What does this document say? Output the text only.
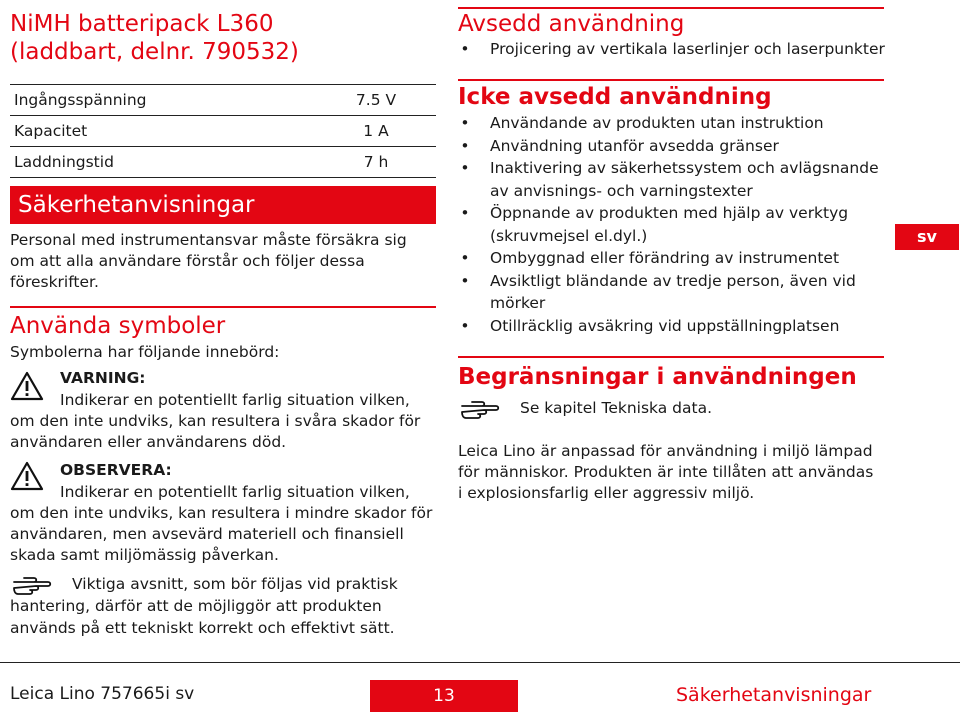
NiMH batteripack L360
(laddbart, delnr. 790532)
Ingångsspänning	7.5 V
Kapacitet	1 A
Laddningstid	7 h
Säkerhetanvisningar
Personal med instrumentansvar måste försäkra sig
om att alla användare förstår och följer dessa
föreskrifter.
Använda symboler
Symbolerna har följande innebörd:
VARNING:
Indikerar en potentiellt farlig situation vilken,
om den inte undviks, kan resultera i svåra skador för
användaren eller användarens död.
OBSERVERA:
Indikerar en potentiellt farlig situation vilken,
om den inte undviks, kan resultera i mindre skador för
användaren, men avsevärd materiell och finansiell
skada samt miljömässig påverkan.
Viktiga avsnitt, som bör följas vid praktisk
hantering, därför att de möjliggör att produkten
används på ett tekniskt korrekt och effektivt sätt.
Avsedd användning
• Projicering av vertikala laserlinjer och laserpunkter
Icke avsedd användning
• Användande av produkten utan instruktion
• Användning utanför avsedda gränser
• Inaktivering av säkerhetssystem och avlägsnande
av anvisnings- och varningstexter
• Öppnande av produkten med hjälp av verktyg
(skruvmejsel el.dyl.)
• Ombyggnad eller förändring av instrumentet
• Avsiktligt bländande av tredje person, även vid
mörker
• Otillräcklig avsäkring vid uppställningplatsen
Begränsningar i användningen
Se kapitel Tekniska data.
Leica Lino är anpassad för användning i miljö lämpad
för människor. Produkten är inte tillåten att användas
i explosionsfarlig eller aggressiv miljö.
sv
Leica Lino 757665i sv	13	Säkerhetanvisningar
